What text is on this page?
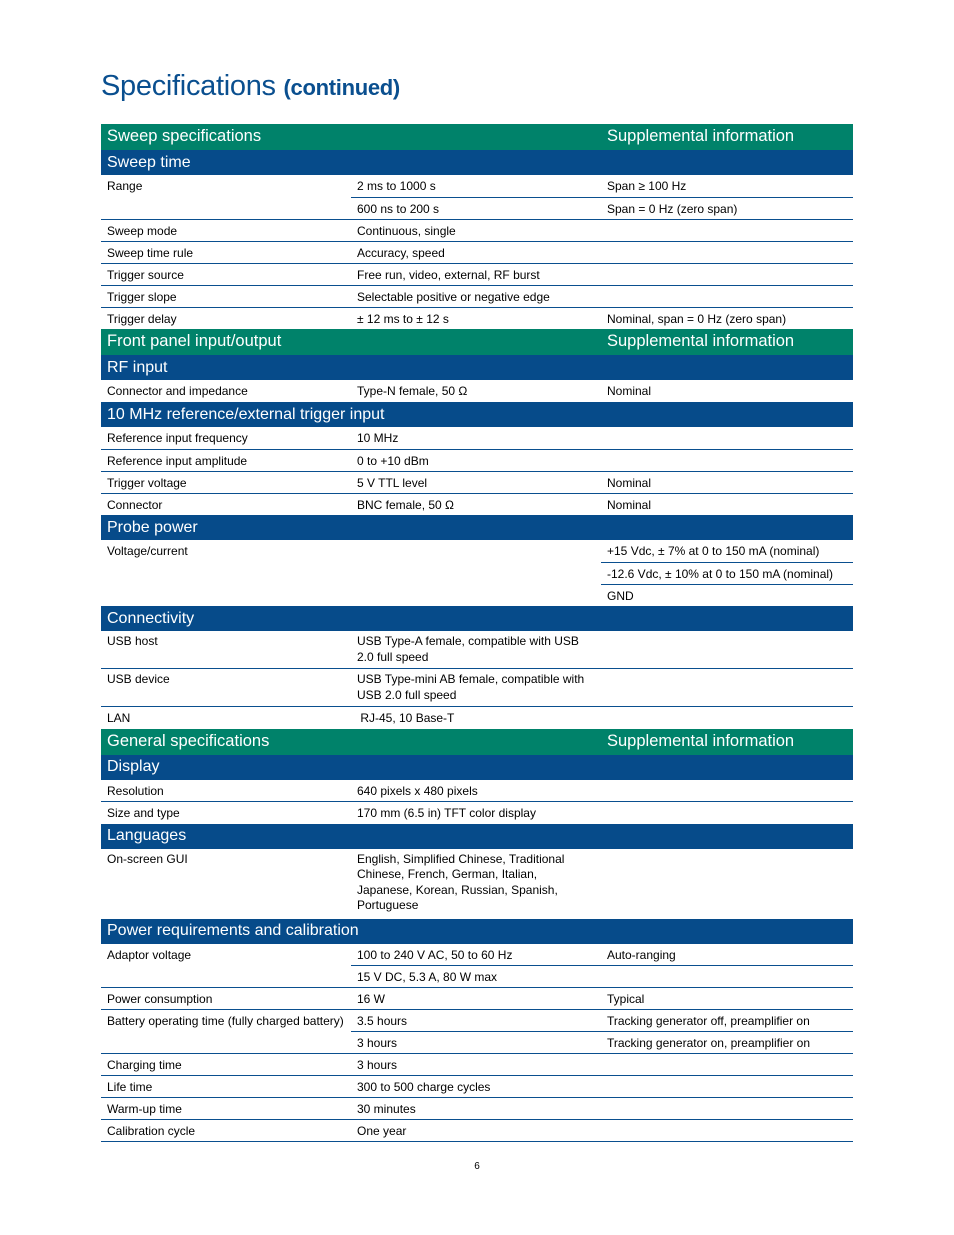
Specifications (continued)
Sweep specifications		Supplemental information
Sweep time		
Range	2 ms to 1000 s	Span ≥ 100 Hz
	600 ns to 200 s	Span = 0 Hz (zero span)
Sweep mode	Continuous, single	
Sweep time rule	Accuracy, speed	
Trigger source	Free run, video, external, RF burst	
Trigger slope	Selectable positive or negative edge	
Trigger delay	± 12 ms to ± 12 s	Nominal, span = 0 Hz (zero span)
Front panel input/output		Supplemental information
RF input		
Connector and impedance	Type-N female, 50 Ω	Nominal
10 MHz reference/external trigger input		
Reference input frequency	10 MHz	
Reference input amplitude	0 to +10 dBm	
Trigger voltage	5 V TTL level	Nominal
Connector	BNC female, 50 Ω	Nominal
Probe power		
Voltage/current		+15 Vdc, ± 7% at 0 to 150 mA (nominal)
		-12.6 Vdc, ± 10% at 0 to 150 mA (nominal)
		GND

Connectivity		
USB host	USB Type-A female, compatible with USB 2.0 full speed	
USB device	USB Type-mini AB female, compatible with USB 2.0 full speed	
LAN	RJ-45, 10 Base-T	
General specifications		Supplemental information
Display		
Resolution	640 pixels x 480 pixels	
Size and type	170 mm (6.5 in) TFT color display	
Languages		
On-screen GUI	English, Simplified Chinese, Traditional Chinese, French, German, Italian, Japanese, Korean, Russian, Spanish, Portuguese	
Power requirements and calibration		
Adaptor voltage	100 to 240 V AC, 50 to 60 Hz	Auto-ranging
	15 V DC, 5.3 A, 80 W max	
Power consumption	16 W	Typical
Battery operating time (fully charged battery)	3.5 hours	Tracking generator off, preamplifier on
	3 hours	Tracking generator on, preamplifier on
Charging time	3 hours	
Life time	300 to 500 charge cycles	
Warm-up time	30 minutes	
Calibration cycle	One year	
6
